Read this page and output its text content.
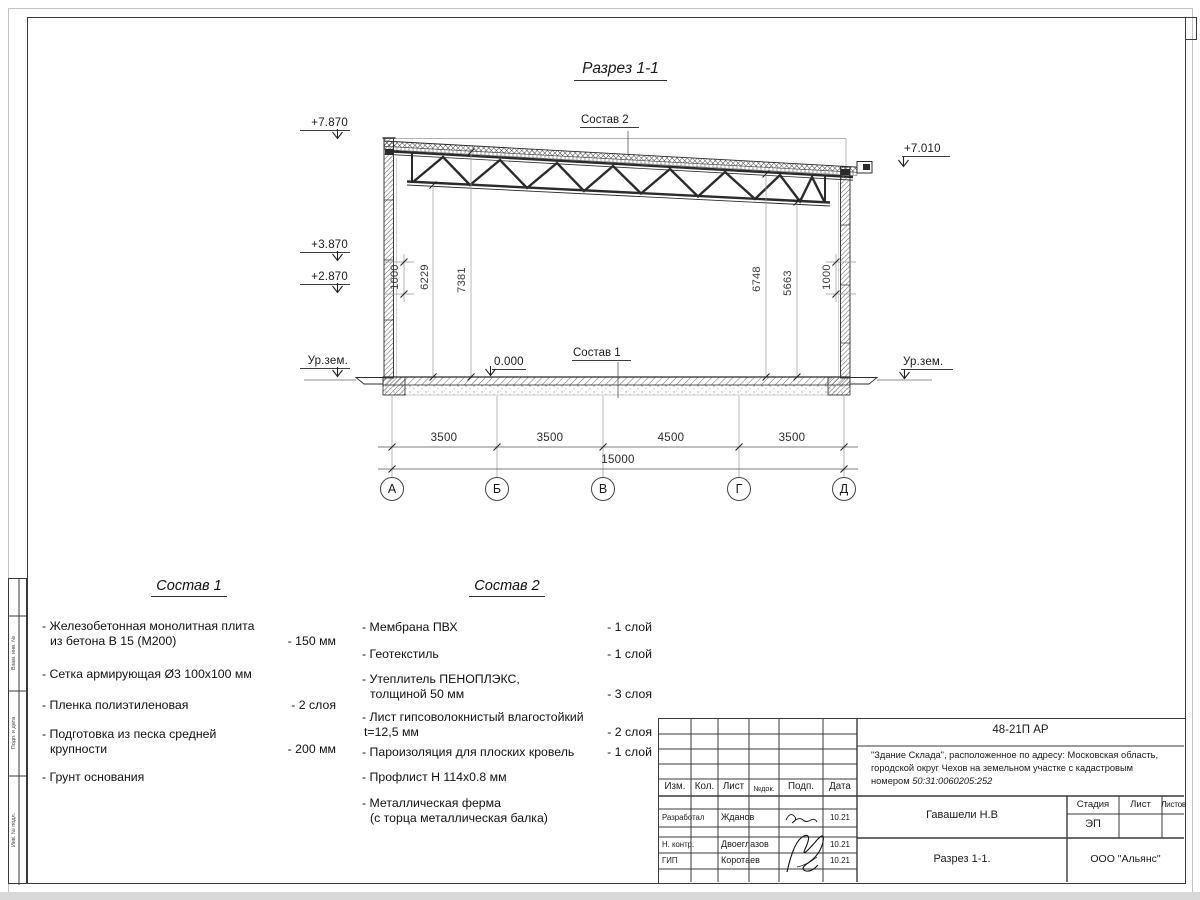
Взам. инв. №
Подп. и дата
Инв. № подл.
Разрез 1-1
Состав 2
Состав 1
+7.870
+3.870
+2.870
Ур.зем.	0.000
+7.010
Ур.зем.
1000 6229 7381	6748 5663 1000
3500	3500	4500	3500
15000
А	Б	В	Г	Д
Состав 1
- Железобетонная монолитная плита
из бетона В 15 (М200)	- 150 мм
- Сетка армирующая Ø3 100х100 мм
- Пленка полиэтиленовая	- 2 слоя
- Подготовка из песка средней
крупности	- 200 мм
- Грунт основания
Состав 2
- Мембрана ПВХ	- 1 слой
- Геотекстиль	- 1 слой
- Утеплитель ПЕНОПЛЭКС,
толщиной 50 мм	- 3 слоя
- Лист гипсоволокнистый влагостойкий
t=12,5 мм	- 2 слоя
- Пароизоляция для плоских кровель	- 1 слой
- Профлист Н 114х0.8 мм
- Металлическая ферма
(с торца металлическая балка)
48-21П АР
"Здание Склада", расположенное по адресу: Московская область,
городской округ Чехов на земельном участке с кадастровым
номером 50:31:0060205:252
Изм. Кол. Лист	№док.	Подп.	Дата
Разработал Жданов	10.21
Н. контр.	Двоеглазов	10.21
ГИП	Коротаев	10.21
Гавашели Н.В
Стадия	Лист	Листов
ЭП
Разрез 1-1.	ООО "Альянс"
